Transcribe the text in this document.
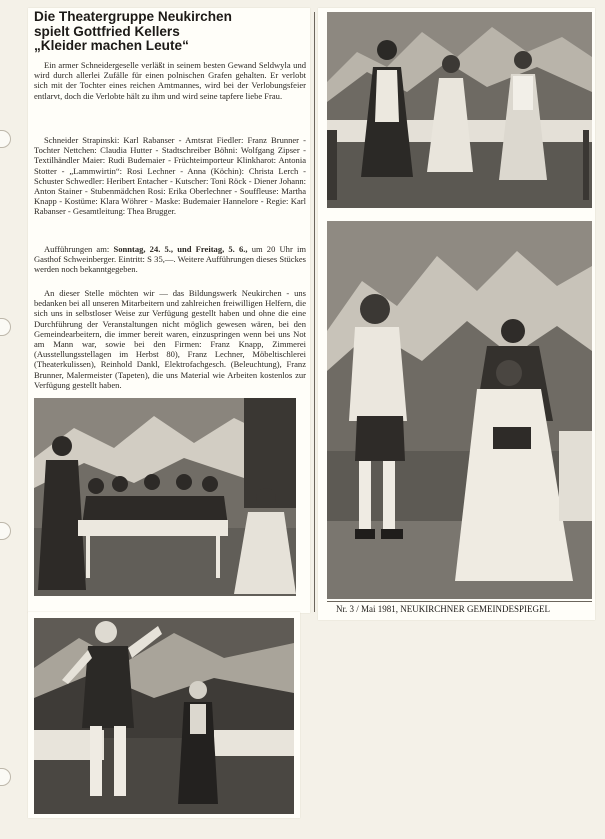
Die Theatergruppe Neukirchen
spielt Gottfried Kellers
„Kleider machen Leute“

Ein armer Schneidergeselle verläßt in seinem besten Gewand Seldwyla und wird durch allerlei Zufälle für einen polnischen Grafen gehalten. Er verlobt sich mit der Tochter eines reichen Amtmannes, wird bei der Verlobungsfeier entlarvt, doch die Verlobte hält zu ihm und wird seine tapfere liebe Frau.

Schneider Strapinski: Karl Rabanser - Amtsrat Fiedler: Franz Brunner - Tochter Nettchen: Claudia Hutter - Stadtschreiber Böhni: Wolfgang Zipser - Textilhändler Maier: Rudi Budemaier - Früchteimporteur Klinkharot: Antonia Stotter - „Lammwirtin“: Rosi Lechner - Anna (Köchin): Christa Lerch - Schuster Schwedler: Heribert Entacher - Kutscher: Toni Röck - Diener Johann: Anton Stainer - Stubenmädchen Rosi: Erika Oberlechner - Souffleuse: Martha Knapp - Kostüme: Klara Wöhrer - Maske: Budemaier Hannelore - Regie: Karl Rabanser - Gesamtleitung: Thea Brugger.

Aufführungen am: Sonntag, 24. 5., und Freitag, 5. 6., um 20 Uhr im Gasthof Schweinberger. Eintritt: S 35,—. Weitere Aufführungen dieses Stückes werden noch bekanntgegeben.

An dieser Stelle möchten wir — das Bildungswerk Neukirchen - uns bedanken bei all unseren Mitarbeitern und zahlreichen freiwilligen Helfern, die sich uns in selbstloser Weise zur Verfügung gestellt haben und ohne die eine Durchführung der Veranstaltungen nicht möglich gewesen wären, bei den Gemeindearbeitern, die immer bereit waren, einzuspringen wenn bei uns Not am Mann war, sowie bei den Firmen: Franz Knapp, Zimmerei (Ausstellungsstellagen im Herbst 80), Franz Lechner, Möbeltischlerei (Theaterkulissen), Reinhold Dankl, Elektrofachgesch. (Beleuchtung), Franz Brunner, Malermeister (Tapeten), die uns Material wie Arbeiten kostenlos zur Verfügung gestellt haben.

Nr. 3 / Mai 1981, NEUKIRCHNER GEMEINDESPIEGEL
